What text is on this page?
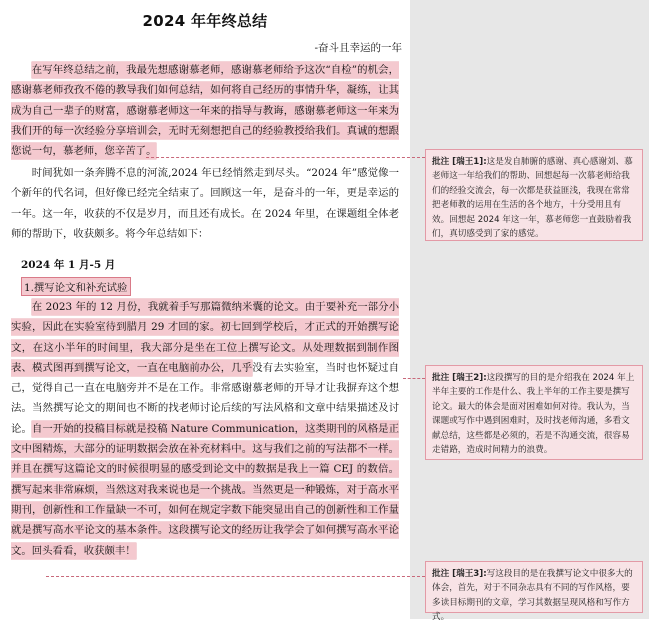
2024 年年终总结
-奋斗且幸运的一年

在写年终总结之前，我最先想感谢慕老师，感谢慕老师给予这次“自检”的机会，感谢慕老师孜孜不倦的教导我们如何总结，如何将自己经历的事情升华，凝练，让其成为自己一辈子的财富，感谢慕老师这一年来的指导与教诲，感谢慕老师这一年来为我们开的每一次经验分享培训会，无时无刻想把自己的经验教授给我们。真诚的想跟您说一句，慕老师，您辛苦了。

时间犹如一条奔腾不息的河流,2024 年已经悄然走到尽头。“2024 年”感觉像一个新年的代名词，但好像已经完全结束了。回顾这一年，是奋斗的一年，更是幸运的一年。这一年，收获的不仅是岁月，而且还有成长。在 2024 年里，在课题组全体老师的帮助下，收获颇多。将今年总结如下：

2024 年 1 月-5 月
1.撰写论文和补充试验

在 2023 年的 12 月份，我就着手写那篇微纳米囊的论文。由于要补充一部分小实验，因此在实验室待到腊月 29 才回的家。初七回到学校后，才正式的开始撰写论文，在这小半年的时间里，我大部分是坐在工位上撰写论文。从处理数据到制作图表、模式图再到撰写论文，一直在电脑前办公，几乎没有去实验室，当时也怀疑过自己，觉得自己一直在电脑旁并不是在工作。非常感谢慕老师的开导才让我摒弃这个想法。当然撰写论文的期间也不断的找老师讨论后续的写法风格和文章中结果描述及讨论。自一开始的投稿目标就是投稿 Nature Communication，这类期刊的风格是正文中图精炼，大部分的证明数据会放在补充材料中。这与我们之前的写法都不一样。并且在撰写这篇论文的时候很明显的感受到论文中的数据是我上一篇 CEJ 的数倍。撰写起来非常麻烦，当然这对我来说也是一个挑战。当然更是一种锻炼，对于高水平期刊，创新性和工作量缺一不可，如何在规定字数下能突显出自己的创新性和工作量就是撰写高水平论文的基本条件。这段撰写论文的经历让我学会了如何撰写高水平论文。回头看看，收获颇丰！

批注 [瑞王1]:这是发自肺腑的感谢、真心感谢刘、慕老师这一年给我们的帮助、回想起每一次慕老师给我们的经验交流会，每一次都是获益匪浅，我现在常常把老师教的运用在生活的各个地方，十分受用且有效。回想起 2024 年这一年，慕老师您一直鼓励着我们，真切感受到了家的感觉。
批注 [瑞王2]:这段撰写的目的是介绍我在 2024 年上半年主要的工作是什么、我上半年的工作主要是撰写论文。最大的体会是面对困难如何对待。我认为，当课题或写作中遇到困难时，及时找老师沟通，多看文献总结，这些都是必须的，若是不沟通交流，很容易走错路，造成时间精力的浪费。
批注 [瑞王3]:写这段目的是在我撰写论文中很多大的体会，首先，对于不同杂志具有不同的写作风格，要多读目标期刊的文章，学习其数据呈现风格和写作方式。
